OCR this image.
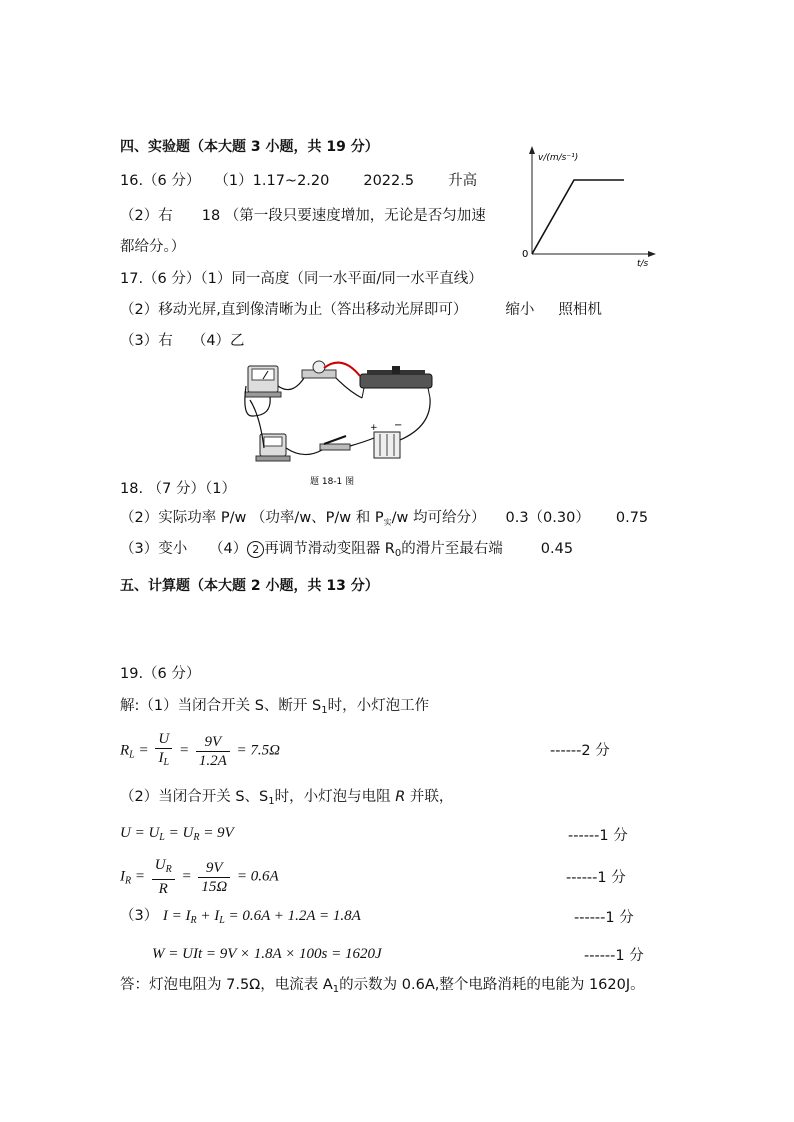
四、实验题（本大题 3 小题，共 19 分）
v/(m/s⁻¹)
0
t/s
16.（6 分） （1）1.17~2.20 2022.5 升高
（2）右　　18 （第一段只要速度增加，无论是否匀加速
都给分。）
17.（6 分）（1）同一高度（同一水平面/同一水平直线）
（2）移动光屏,直到像清晰为止（答出移动光屏即可）	缩小 照相机
（3）右　 （4）乙
+ −
题 18-1 图
18. （7 分）（1）
（2）实际功率 P/w （功率/w、P/w 和 $P_实/w$ 均可给分） 0.3（0.30） 0.75
（3）变小　　（4） 2 再调节滑动变阻器 $R_0$的滑片至最右端	0.45
五、计算题（本大题 2 小题，共 13 分）
19.（6 分）
解:（1）当闭合开关 S、断开 $S_1$时，小灯泡工作
$R_L = \frac{U}{I_L} = \frac{9V}{1.2A} = 7.5\Omega$	------2 分
（2）当闭合开关 S、$S_1$时，小灯泡与电阻 R 并联，
$U = U_L = U_R = 9V$	------1 分
$I_R = \frac{U_R}{R} = \frac{9V}{15\Omega} = 0.6A$	------1 分
（3） $I = I_R + I_L = 0.6A + 1.2A = 1.8A$	------1 分
W = UIt = 9V × 1.8A × 100s = 1620J	------1 分
答：灯泡电阻为 7.5Ω，电流表 $A_1$的示数为 0.6A,整个电路消耗的电能为 1620J。
